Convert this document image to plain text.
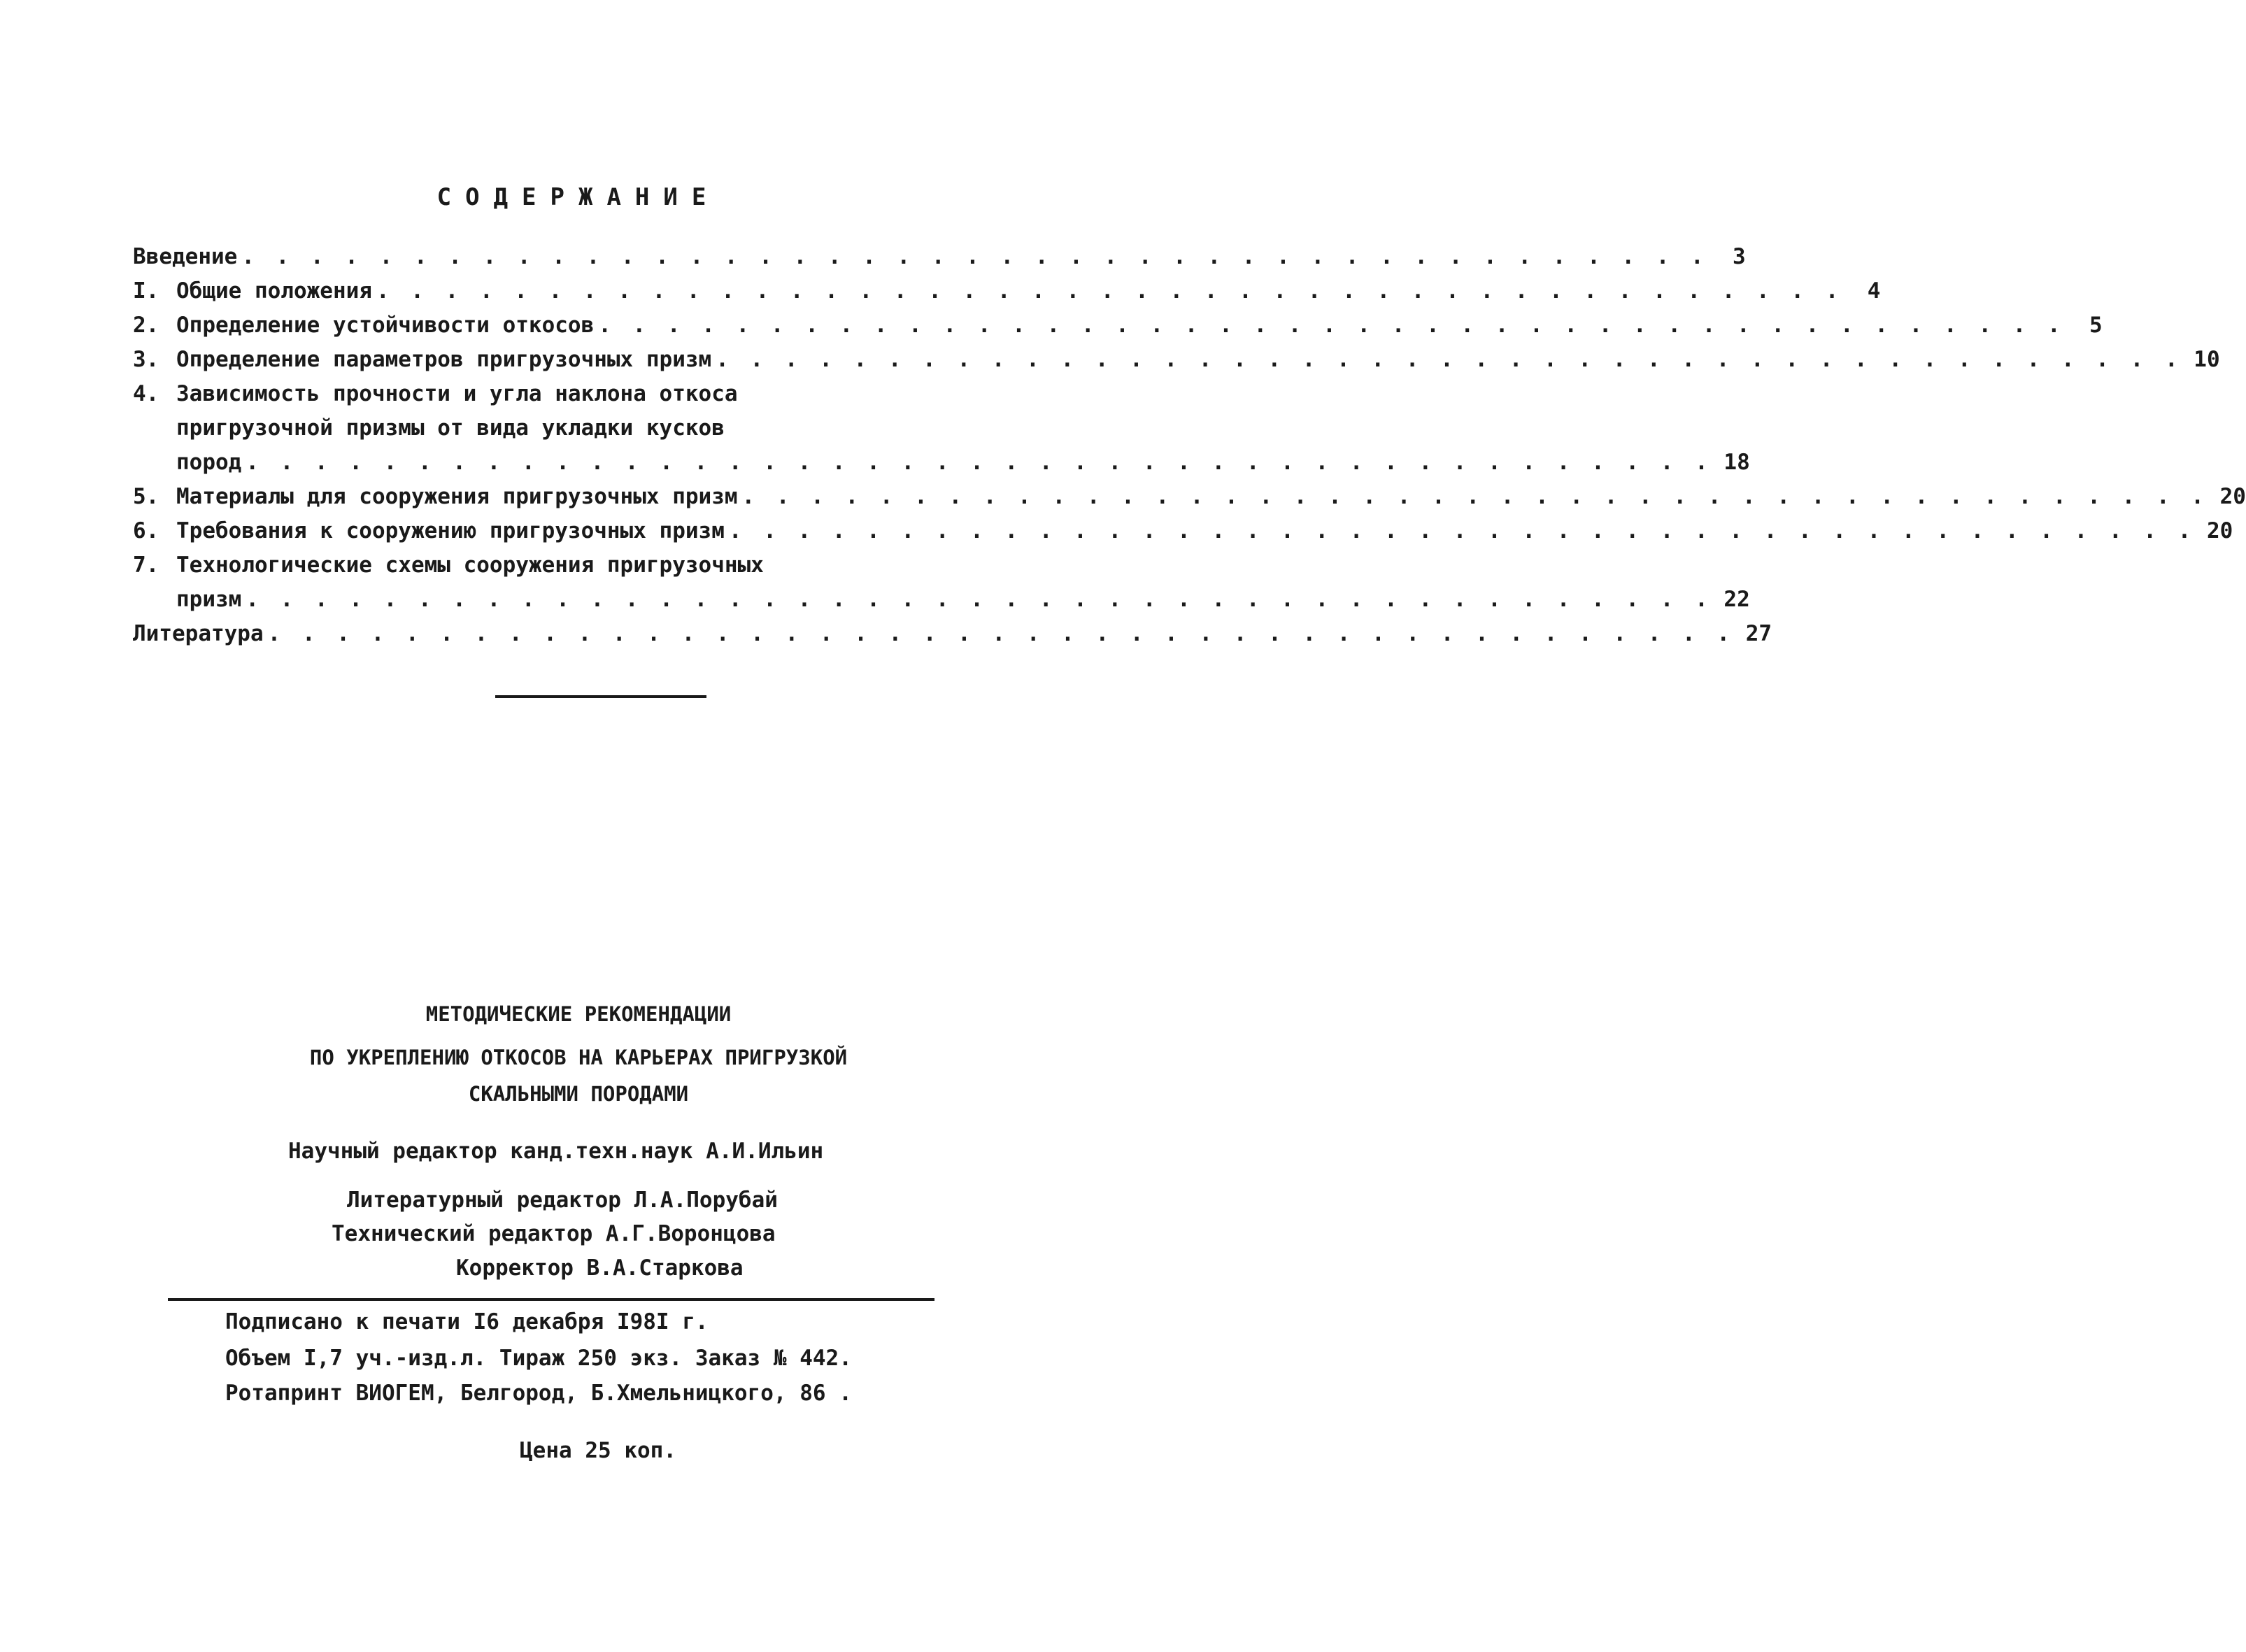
СОДЕРЖАНИЕ
Введение . . . . . . . . . . . . . . . . . . . . . . . . . . . . . . . . . . . . . . . . . . .	3
I. Общие положения . . . . . . . . . . . . . . . . . . . . . . . . . . . . . . . . . . . . . . . . . . .	4
2. Определение устойчивости откосов . . . . . . . . . . . . . . . . . . . . . . . . . . . . . . . . . . . . . . . . . . .	5
3. Определение параметров пригрузочных призм . . . . . . . . . . . . . . . . . . . . . . . . . . . . . . . . . . . . . . . . . . . 10
4. Зависимость прочности и угла наклона откоса
пригрузочной призмы от вида укладки кусков
пород . . . . . . . . . . . . . . . . . . . . . . . . . . . . . . . . . . . . . . . . . . . 18
5. Материалы для сооружения пригрузочных призм . . . . . . . . . . . . . . . . . . . . . . . . . . . . . . . . . . . . . . . . . . . 20
6. Требования к сооружению пригрузочных призм . . . . . . . . . . . . . . . . . . . . . . . . . . . . . . . . . . . . . . . . . . . 20
7. Технологические схемы сооружения пригрузочных
призм . . . . . . . . . . . . . . . . . . . . . . . . . . . . . . . . . . . . . . . . . . . 22
Литература . . . . . . . . . . . . . . . . . . . . . . . . . . . . . . . . . . . . . . . . . . . 27
МЕТОДИЧЕСКИЕ РЕКОМЕНДАЦИИ
ПО УКРЕПЛЕНИЮ ОТКОСОВ НА КАРЬЕРАХ ПРИГРУЗКОЙ
СКАЛЬНЫМИ ПОРОДАМИ
Научный редактор канд.техн.наук А.И.Ильин
Литературный редактор Л.А.Порубай
Технический редактор А.Г.Воронцова
Корректор В.А.Старкова
Подписано к печати I6 декабря I98I г.
Объем I,7 уч.-изд.л. Тираж 250 экз. Заказ № 442.
Ротапринт ВИОГЕМ, Белгород, Б.Хмельницкого, 86 .
Цена 25 коп.
